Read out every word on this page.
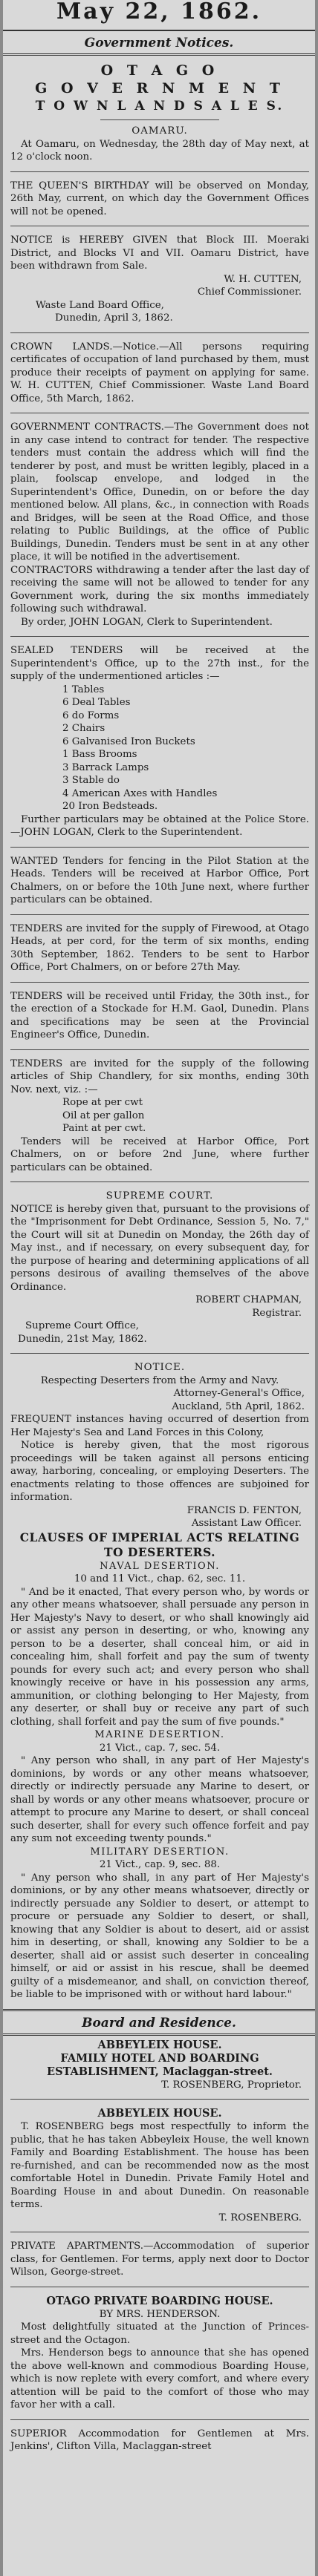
May 22, 1862.
Government Notices.
O T A G O
G O V E R N M E N T
T O W N L A N D S A L E S.

OAMARU.

At Oamaru, on Wednesday, the 28th day of May next, at 12 o'clock noon.

THE QUEEN'S BIRTHDAY will be observed on Monday, 26th May, current, on which day the Government Offices will not be opened.

NOTICE is HEREBY GIVEN that Block III. Moeraki District, and Blocks VI and VII. Oamaru District, have been withdrawn from Sale.

W. H. CUTTEN,

Chief Commissioner.

Waste Land Board Office,

Dunedin, April 3, 1862.

CROWN LANDS.—Notice.—All persons requiring certificates of occupation of land purchased by them, must produce their receipts of payment on applying for same. W. H. CUTTEN, Chief Commissioner. Waste Land Board Office, 5th March, 1862.

GOVERNMENT CONTRACTS.—The Government does not in any case intend to contract for tender. The respective tenders must contain the address which will find the tenderer by post, and must be written legibly, placed in a plain, foolscap envelope, and lodged in the Superintendent's Office, Dunedin, on or before the day mentioned below. All plans, &c., in connection with Roads and Bridges, will be seen at the Road Office, and those relating to Public Buildings, at the office of Public Buildings, Dunedin. Tenders must be sent in at any other place, it will be notified in the advertisement.

CONTRACTORS withdrawing a tender after the last day of receiving the same will not be allowed to tender for any Government work, during the six months immediately following such withdrawal.

By order, JOHN LOGAN, Clerk to Superintendent.

SEALED TENDERS will be received at the Superintendent's Office, up to the 27th inst., for the supply of the undermentioned articles :—

1 Tables
6 Deal Tables
6 do Forms
2 Chairs
6 Galvanised Iron Buckets
1 Bass Brooms
3 Barrack Lamps
3 Stable do
4 American Axes with Handles
20 Iron Bedsteads.

Further particulars may be obtained at the Police Store.—JOHN LOGAN, Clerk to the Superintendent.

WANTED Tenders for fencing in the Pilot Station at the Heads. Tenders will be received at Harbor Office, Port Chalmers, on or before the 10th June next, where further particulars can be obtained.

TENDERS are invited for the supply of Firewood, at Otago Heads, at per cord, for the term of six months, ending 30th September, 1862. Tenders to be sent to Harbor Office, Port Chalmers, on or before 27th May.

TENDERS will be received until Friday, the 30th inst., for the erection of a Stockade for H.M. Gaol, Dunedin. Plans and specifications may be seen at the Provincial Engineer's Office, Dunedin.

TENDERS are invited for the supply of the following articles of Ship Chandlery, for six months, ending 30th Nov. next, viz. :—

Rope at per cwt
Oil at per gallon
Paint at per cwt.

Tenders will be received at Harbor Office, Port Chalmers, on or before 2nd June, where further particulars can be obtained.

SUPREME COURT.

NOTICE is hereby given that, pursuant to the provisions of the "Imprisonment for Debt Ordinance, Session 5, No. 7," the Court will sit at Dunedin on Monday, the 26th day of May inst., and if necessary, on every subsequent day, for the purpose of hearing and determining applications of all persons desirous of availing themselves of the above Ordinance.

ROBERT CHAPMAN,

Registrar.

Supreme Court Office,

Dunedin, 21st May, 1862.

NOTICE.

Respecting Deserters from the Army and Navy.

Attorney-General's Office,

Auckland, 5th April, 1862.

FREQUENT instances having occurred of desertion from Her Majesty's Sea and Land Forces in this Colony,

Notice is hereby given, that the most rigorous proceedings will be taken against all persons enticing away, harboring, concealing, or employing Deserters. The enactments relating to those offences are subjoined for information.

FRANCIS D. FENTON,

Assistant Law Officer.

CLAUSES OF IMPERIAL ACTS RELATING TO DESERTERS.

NAVAL DESERTION.

10 and 11 Vict., chap. 62, sec. 11.

" And be it enacted, That every person who, by words or any other means whatsoever, shall persuade any person in Her Majesty's Navy to desert, or who shall knowingly aid or assist any person in deserting, or who, knowing any person to be a deserter, shall conceal him, or aid in concealing him, shall forfeit and pay the sum of twenty pounds for every such act; and every person who shall knowingly receive or have in his possession any arms, ammunition, or clothing belonging to Her Majesty, from any deserter, or shall buy or receive any part of such clothing, shall forfeit and pay the sum of five pounds."

MARINE DESERTION.

21 Vict., cap. 7, sec. 54.

" Any person who shall, in any part of Her Majesty's dominions, by words or any other means whatsoever, directly or indirectly persuade any Marine to desert, or shall by words or any other means whatsoever, procure or attempt to procure any Marine to desert, or shall conceal such deserter, shall for every such offence forfeit and pay any sum not exceeding twenty pounds."

MILITARY DESERTION.

21 Vict., cap. 9, sec. 88.

" Any person who shall, in any part of Her Majesty's dominions, or by any other means whatsoever, directly or indirectly persuade any Soldier to desert, or attempt to procure or persuade any Soldier to desert, or shall, knowing that any Soldier is about to desert, aid or assist him in deserting, or shall, knowing any Soldier to be a deserter, shall aid or assist such deserter in concealing himself, or aid or assist in his rescue, shall be deemed guilty of a misdemeanor, and shall, on conviction thereof, be liable to be imprisoned with or without hard labour."

Board and Residence.

ABBEYLEIX HOUSE.

FAMILY HOTEL AND BOARDING ESTABLISHMENT, Maclaggan-street.

T. ROSENBERG, Proprietor.

ABBEYLEIX HOUSE.

T. ROSENBERG begs most respectfully to inform the public, that he has taken Abbeyleix House, the well known Family and Boarding Establishment. The house has been re-furnished, and can be recommended now as the most comfortable Hotel in Dunedin. Private Family Hotel and Boarding House in and about Dunedin. On reasonable terms.

T. ROSENBERG.

PRIVATE APARTMENTS.—Accommodation of superior class, for Gentlemen. For terms, apply next door to Doctor Wilson, George-street.

OTAGO PRIVATE BOARDING HOUSE.

BY MRS. HENDERSON.

Most delightfully situated at the Junction of Princes-street and the Octagon.

Mrs. Henderson begs to announce that she has opened the above well-known and commodious Boarding House, which is now replete with every comfort, and where every attention will be paid to the comfort of those who may favor her with a call.

SUPERIOR Accommodation for Gentlemen at Mrs. Jenkins', Clifton Villa, Maclaggan-street
